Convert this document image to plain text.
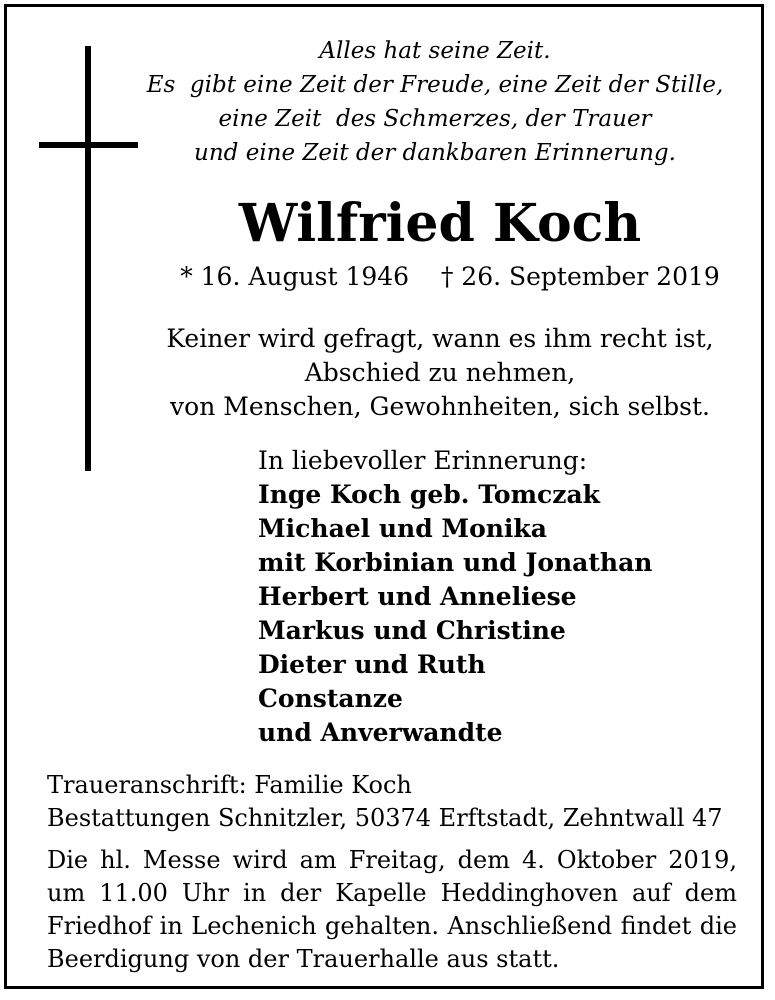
Alles hat seine Zeit.
Es  gibt eine Zeit der Freude, eine Zeit der Stille,
eine Zeit  des Schmerzes, der Trauer
und eine Zeit der dankbaren Erinnerung.
Wilfried Koch
* 16. August 1946    † 26. September 2019
Keiner wird gefragt, wann es ihm recht ist,
Abschied zu nehmen,
von Menschen, Gewohnheiten, sich selbst.
In liebevoller Erinnerung:
Inge Koch geb. Tomczak
Michael und Monika
mit Korbinian und Jonathan
Herbert und Anneliese
Markus und Christine
Dieter und Ruth
Constanze
und Anverwandte
Traueranschrift: Familie Koch
Bestattungen Schnitzler, 50374 Erftstadt, Zehntwall 47
Die hl. Messe wird am Freitag, dem 4. Oktober 2019,
um 11.00 Uhr in der Kapelle Heddinghoven auf dem
Friedhof in Lechenich gehalten. Anschließend findet die
Beerdigung von der Trauerhalle aus statt.
